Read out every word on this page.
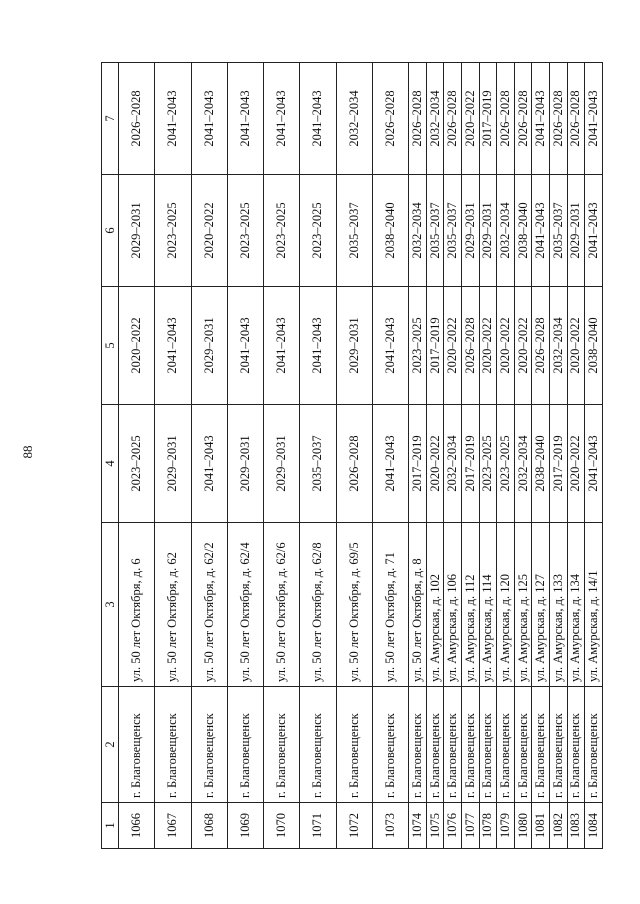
88
1	2	3	4	5	6	7
1066	г. Благовещенск	ул. 50 лет Октября, д. 6	2023–2025	2020–2022	2029–2031	2026–2028
1067	г. Благовещенск	ул. 50 лет Октября, д. 62	2029–2031	2041–2043	2023–2025	2041–2043
1068	г. Благовещенск	ул. 50 лет Октября, д. 62/2	2041–2043	2029–2031	2020–2022	2041–2043
1069	г. Благовещенск	ул. 50 лет Октября, д. 62/4	2029–2031	2041–2043	2023–2025	2041–2043
1070	г. Благовещенск	ул. 50 лет Октября, д. 62/6	2029–2031	2041–2043	2023–2025	2041–2043
1071	г. Благовещенск	ул. 50 лет Октября, д. 62/8	2035–2037	2041–2043	2023–2025	2041–2043
1072	г. Благовещенск	ул. 50 лет Октября, д. 69/5	2026–2028	2029–2031	2035–2037	2032–2034
1073	г. Благовещенск	ул. 50 лет Октября, д. 71	2041–2043	2041–2043	2038–2040	2026–2028
1074	г. Благовещенск	ул. 50 лет Октября, д. 8	2017–2019	2023–2025	2032–2034	2026–2028
1075	г. Благовещенск	ул. Амурская, д. 102	2020–2022	2017–2019	2035–2037	2032–2034
1076	г. Благовещенск	ул. Амурская, д. 106	2032–2034	2020–2022	2035–2037	2026–2028
1077	г. Благовещенск	ул. Амурская, д. 112	2017–2019	2026–2028	2029–2031	2020–2022
1078	г. Благовещенск	ул. Амурская, д. 114	2023–2025	2020–2022	2029–2031	2017–2019
1079	г. Благовещенск	ул. Амурская, д. 120	2023–2025	2020–2022	2032–2034	2026–2028
1080	г. Благовещенск	ул. Амурская, д. 125	2032–2034	2020–2022	2038–2040	2026–2028
1081	г. Благовещенск	ул. Амурская, д. 127	2038–2040	2026–2028	2041–2043	2041–2043
1082	г. Благовещенск	ул. Амурская, д. 133	2017–2019	2032–2034	2035–2037	2026–2028
1083	г. Благовещенск	ул. Амурская, д. 134	2020–2022	2020–2022	2029–2031	2026–2028
1084	г. Благовещенск	ул. Амурская, д. 14/1	2041–2043	2038–2040	2041–2043	2041–2043
